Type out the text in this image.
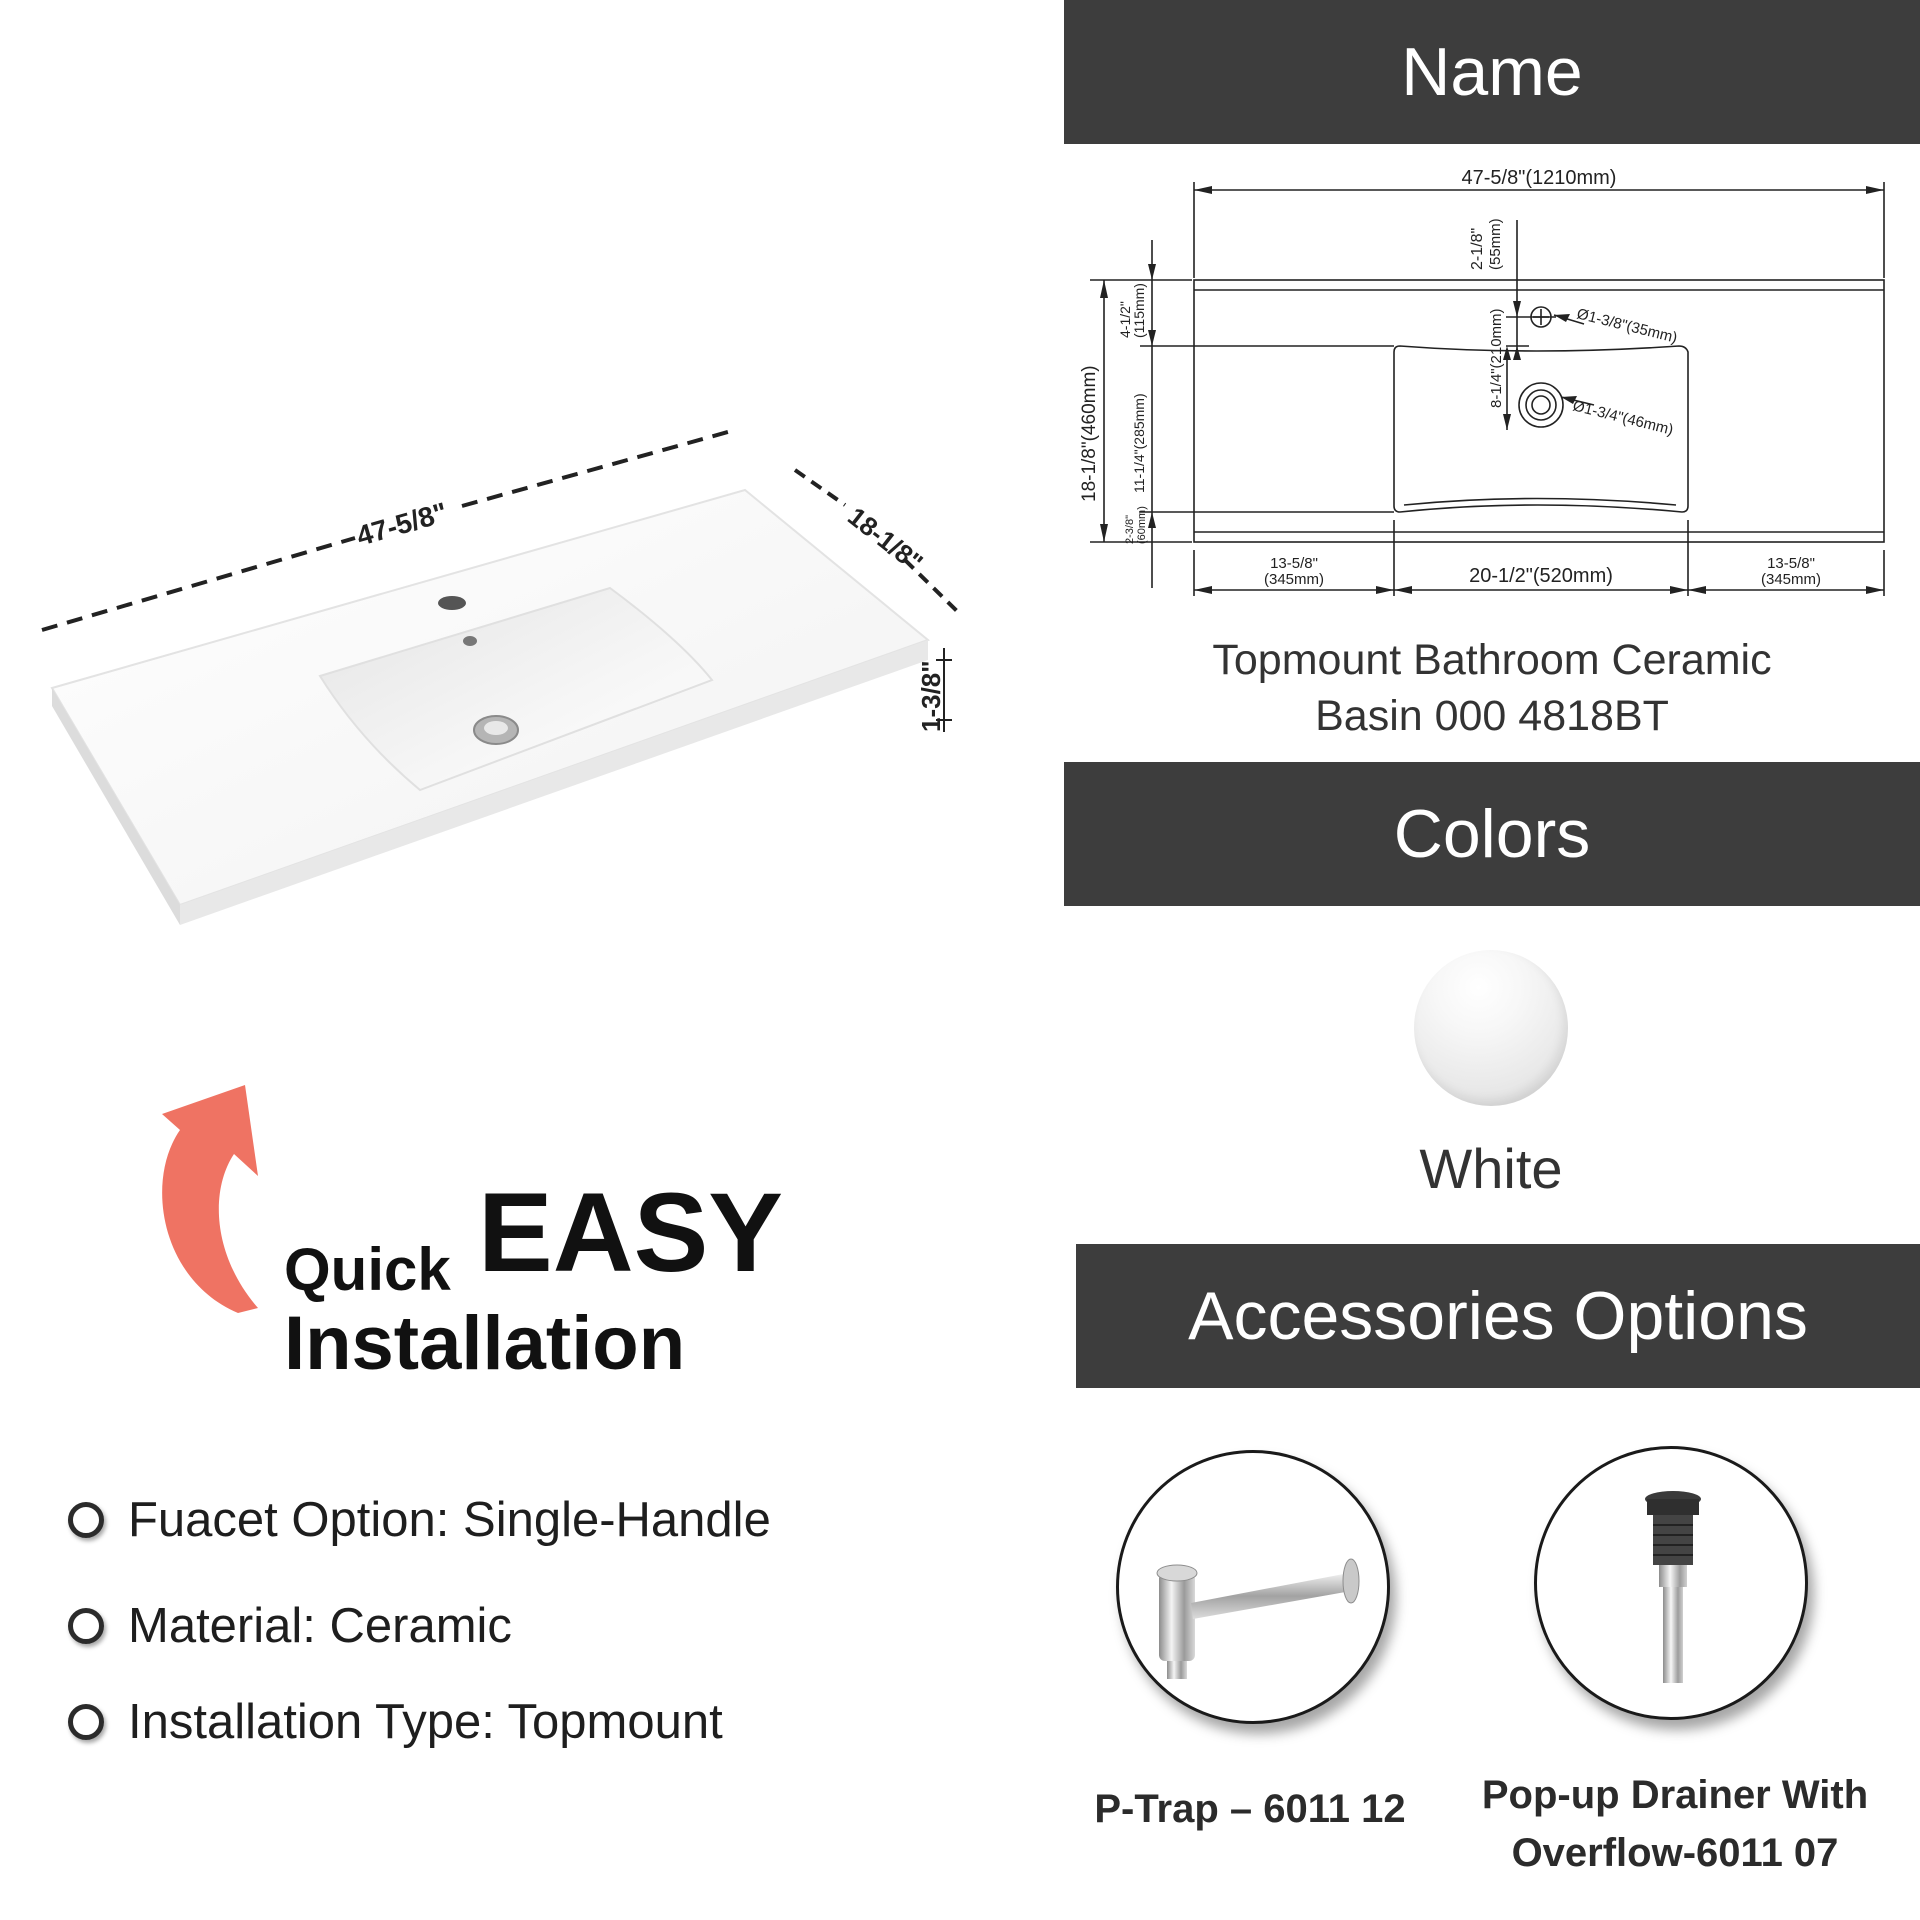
47-5/8"	18-1/8"
1-3/8"
Quick EASY
Installation
Fuacet Option: Single-Handle
Material: Ceramic
Installation Type: Topmount
Name
47-5/8"(1210mm)
2-1/8" (55mm)
4-1/2"
(115mm)
18-1/8"(460mm) 11-1/4"(285mm)
2-3/8" (60mm)
8-1/4"(210mm)	Ø1-3/8"(35mm)
Ø1-3/4"(46mm)
13-5/8"
(345mm)	20-1/2"(520mm)
13-5/8"
(345mm)
Topmount Bathroom Ceramic
Basin 000 4818BT
Colors
White
Accessories Options
P-Trap – 6011 12	Pop-up Drainer With
Overflow-6011 07
